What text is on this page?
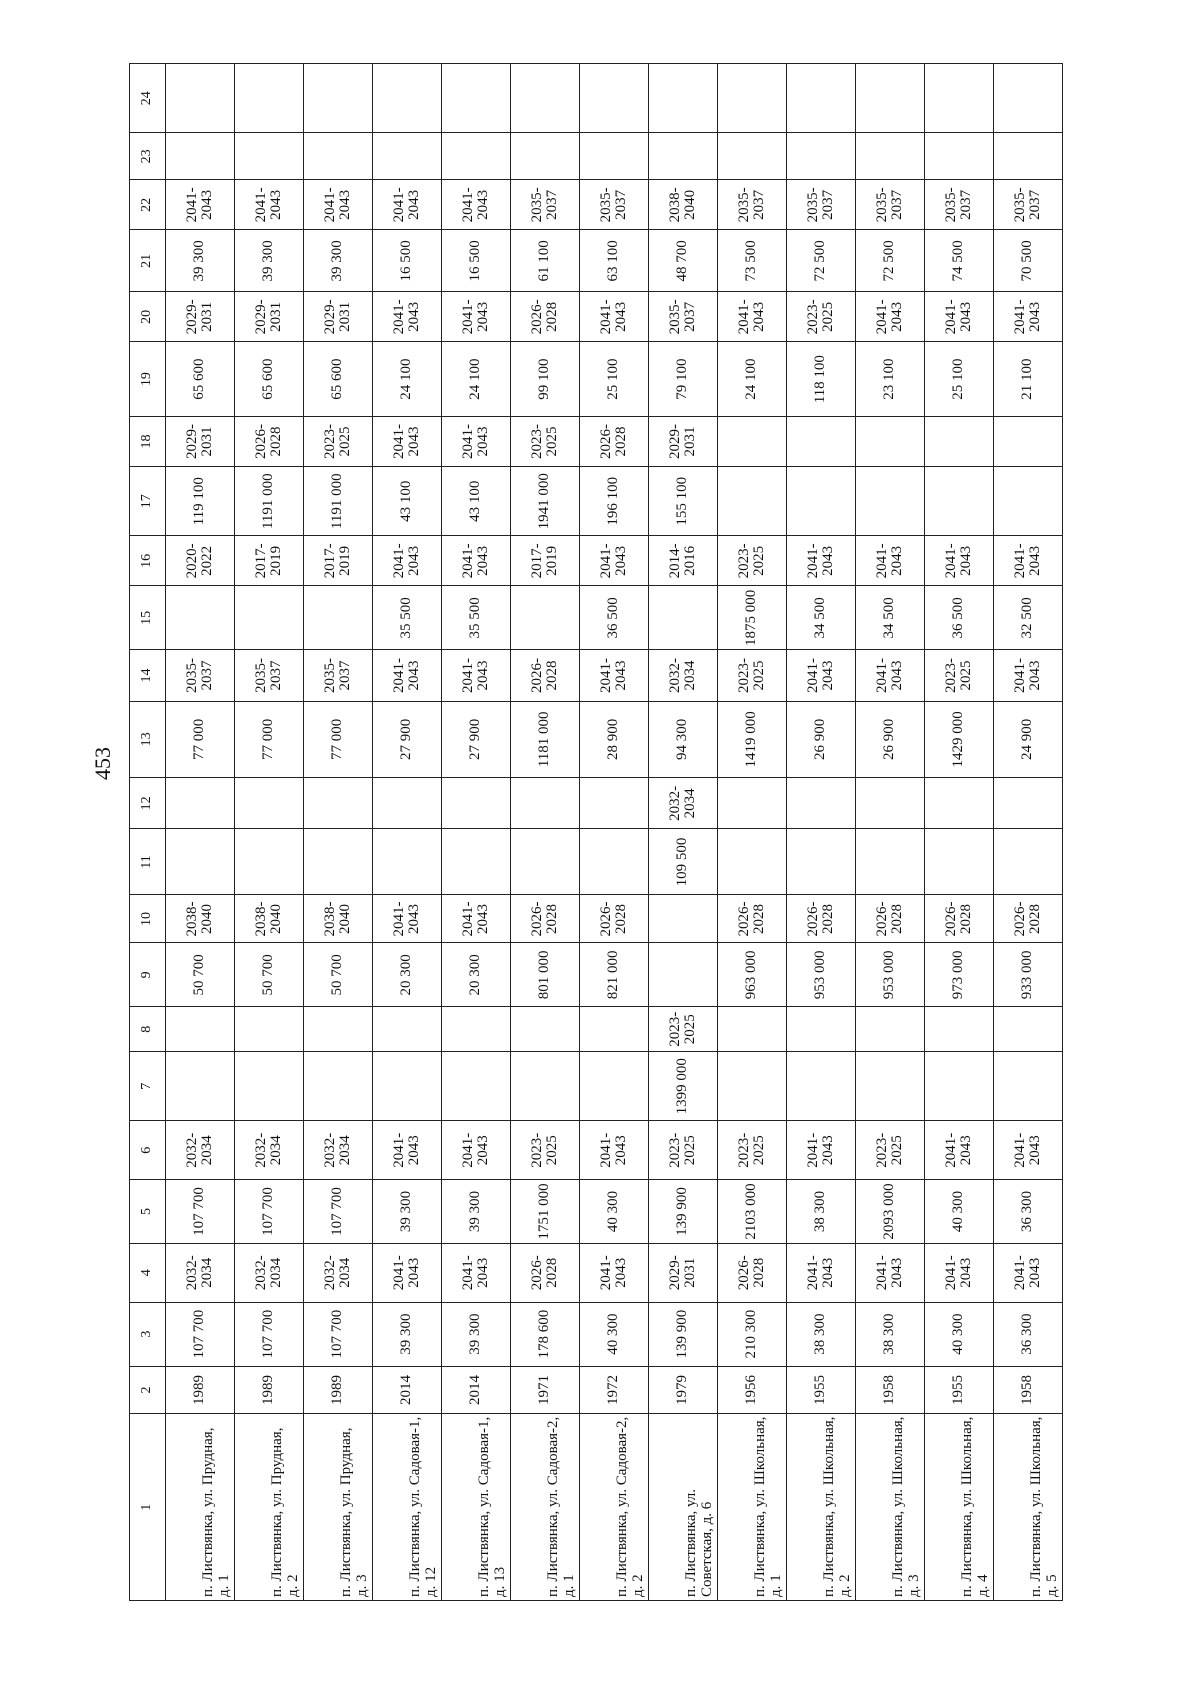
453
1	2	3	4	5	6	7	8	9	10	11	12	13	14	15	16	17	18	19	20	21	22	23	24
п. Листвянка, ул. Прудная, д. 1	1989	107 700	2032-2034	107 700	2032-2034			50 700	2038-2040			77 000	2035-2037		2020-2022	119 100	2029-2031	65 600	2029-2031	39 300	2041-2043		
п. Листвянка, ул. Прудная, д. 2	1989	107 700	2032-2034	107 700	2032-2034			50 700	2038-2040			77 000	2035-2037		2017-2019	1191 000	2026-2028	65 600	2029-2031	39 300	2041-2043		
п. Листвянка, ул. Прудная, д. 3	1989	107 700	2032-2034	107 700	2032-2034			50 700	2038-2040			77 000	2035-2037		2017-2019	1191 000	2023-2025	65 600	2029-2031	39 300	2041-2043		
п. Листвянка, ул. Садовая-1, д. 12	2014	39 300	2041-2043	39 300	2041-2043			20 300	2041-2043			27 900	2041-2043	35 500	2041-2043	43 100	2041-2043	24 100	2041-2043	16 500	2041-2043		
п. Листвянка, ул. Садовая-1, д. 13	2014	39 300	2041-2043	39 300	2041-2043			20 300	2041-2043			27 900	2041-2043	35 500	2041-2043	43 100	2041-2043	24 100	2041-2043	16 500	2041-2043		
п. Листвянка, ул. Садовая-2, д. 1	1971	178 600	2026-2028	1751 000	2023-2025			801 000	2026-2028			1181 000	2026-2028		2017-2019	1941 000	2023-2025	99 100	2026-2028	61 100	2035-2037		
п. Листвянка, ул. Садовая-2, д. 2	1972	40 300	2041-2043	40 300	2041-2043			821 000	2026-2028			28 900	2041-2043	36 500	2041-2043	196 100	2026-2028	25 100	2041-2043	63 100	2035-2037		
п. Листвянка, ул. Советская, д. 6	1979	139 900	2029-2031	139 900	2023-2025	1399 000	2023-2025			109 500	2032-2034	94 300	2032-2034		2014-2016	155 100	2029-2031	79 100	2035-2037	48 700	2038-2040		
п. Листвянка, ул. Школьная, д. 1	1956	210 300	2026-2028	2103 000	2023-2025			963 000	2026-2028			1419 000	2023-2025	1875 000	2023-2025			24 100	2041-2043	73 500	2035-2037		
п. Листвянка, ул. Школьная, д. 2	1955	38 300	2041-2043	38 300	2041-2043			953 000	2026-2028			26 900	2041-2043	34 500	2041-2043			118 100	2023-2025	72 500	2035-2037		
п. Листвянка, ул. Школьная, д. 3	1958	38 300	2041-2043	2093 000	2023-2025			953 000	2026-2028			26 900	2041-2043	34 500	2041-2043			23 100	2041-2043	72 500	2035-2037		
п. Листвянка, ул. Школьная, д. 4	1955	40 300	2041-2043	40 300	2041-2043			973 000	2026-2028			1429 000	2023-2025	36 500	2041-2043			25 100	2041-2043	74 500	2035-2037		
п. Листвянка, ул. Школьная, д. 5	1958	36 300	2041-2043	36 300	2041-2043			933 000	2026-2028			24 900	2041-2043	32 500	2041-2043			21 100	2041-2043	70 500	2035-2037		
